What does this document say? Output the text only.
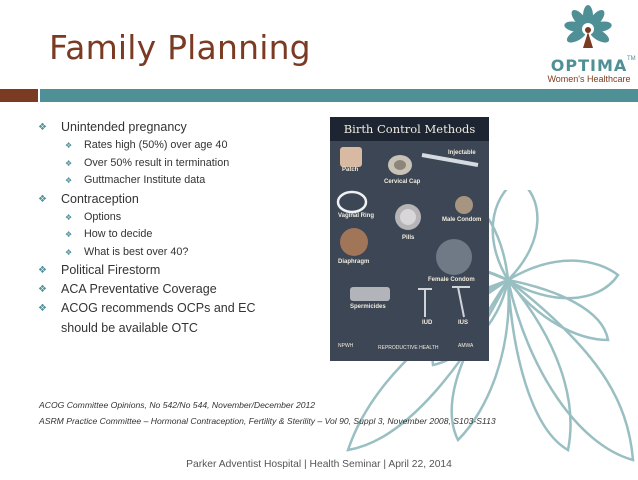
Family Planning	OPTIMA TM
Women's Healthcare
❖ Unintended pregnancy
❖ Rates high (50%) over age 40
❖ Over 50% result in termination
❖ Guttmacher Institute data
❖ Contraception
❖ Options
❖ How to decide
❖ What is best over 40?
❖ Political Firestorm
❖ ACA Preventative Coverage
❖ ACOG recommends OCPs and EC
should be available OTC
Birth Control Methods
Patch
Cervical Cap
Injectable
Vaginal Ring
Male Condom
Pills
Diaphragm
Female Condom
Spermicides
IUD	IUS
NPWH	REPRODUCTIVE HEALTH	AMWA
ACOG Committee Opinions, No 542/No 544, November/December 2012
ASRM Practice Committee – Hormonal Contraception, Fertility & Sterility – Vol 90, Suppl 3, November 2008, S103-S113
Parker Adventist Hospital | Health Seminar | April 22, 2014
